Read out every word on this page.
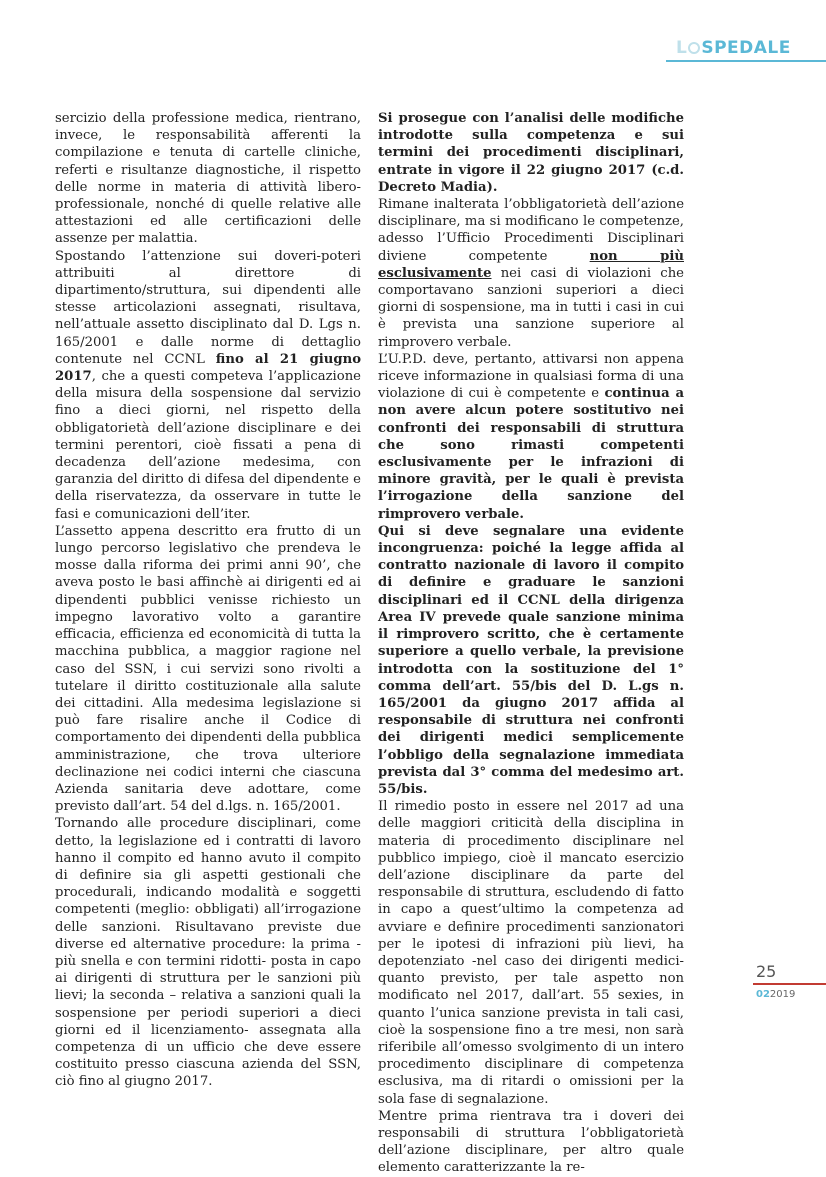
L SPEDALE

sercizio della professione medica, rientrano, invece, le responsabilità afferenti la compilazione e tenuta di cartelle cliniche, referti e risultanze diagnostiche, il rispetto delle norme in materia di attività libero-professionale, nonché di quelle relative alle attestazioni ed alle certificazioni delle assenze per malattia.

Spostando l’attenzione sui doveri-poteri attribuiti al direttore di dipartimento/struttura, sui dipendenti alle stesse articolazioni assegnati, risultava, nell’attuale assetto disciplinato dal D. Lgs n. 165/2001 e dalle norme di dettaglio contenute nel CCNL fino al 21 giugno 2017, che a questi competeva l’applicazione della misura della sospensione dal servizio fino a dieci giorni, nel rispetto della obbligatorietà dell’azione disciplinare e dei termini perentori, cioè fissati a pena di decadenza dell’azione medesima, con garanzia del diritto di difesa del dipendente e della riservatezza, da osservare in tutte le fasi e comunicazioni dell’iter.

L’assetto appena descritto era frutto di un lungo percorso legislativo che prendeva le mosse dalla riforma dei primi anni 90’, che aveva posto le basi affinchè ai dirigenti ed ai dipendenti pubblici venisse richiesto un impegno lavorativo volto a garantire efficacia, efficienza ed economicità di tutta la macchina pubblica, a maggior ragione nel caso del SSN, i cui servizi sono rivolti a tutelare il diritto costituzionale alla salute dei cittadini. Alla medesima legislazione si può fare risalire anche il Codice di comportamento dei dipendenti della pubblica amministrazione, che trova ulteriore declinazione nei codici interni che ciascuna Azienda sanitaria deve adottare, come previsto dall’art. 54 del d.lgs. n. 165/2001.

Tornando alle procedure disciplinari, come detto, la legislazione ed i contratti di lavoro hanno il compito ed hanno avuto il compito di definire sia gli aspetti gestionali che procedurali, indicando modalità e soggetti competenti (meglio: obbligati) all’irrogazione delle sanzioni. Risultavano previste due diverse ed alternative procedure: la prima -più snella e con termini ridotti- posta in capo ai dirigenti di struttura per le sanzioni più lievi; la seconda – relativa a sanzioni quali la sospensione per periodi superiori a dieci giorni ed il licenziamento- assegnata alla competenza di un ufficio che deve essere costituito presso ciascuna azienda del SSN, ciò fino al giugno 2017.

Si prosegue con l’analisi delle modifiche introdotte sulla competenza e sui termini dei procedimenti disciplinari, entrate in vigore il 22 giugno 2017 (c.d. Decreto Madia).

Rimane inalterata l’obbligatorietà dell’azione disciplinare, ma si modificano le competenze, adesso l’Ufficio Procedimenti Disciplinari diviene competente	non più esclusivamente nei casi di violazioni che comportavano sanzioni superiori a dieci giorni di sospensione, ma in tutti i casi in cui è prevista una sanzione superiore al rimprovero verbale.

L’U.P.D. deve, pertanto, attivarsi non appena riceve informazione in qualsiasi forma di una violazione di cui è competente e continua a non avere alcun potere sostitutivo nei confronti dei responsabili di struttura che sono rimasti competenti esclusivamente per le infrazioni di minore gravità, per le quali è prevista l’irrogazione della sanzione del rimprovero verbale.

Qui si deve segnalare una evidente incongruenza: poiché la legge affida al contratto nazionale di lavoro il compito di definire e graduare le sanzioni disciplinari ed il CCNL della dirigenza Area IV prevede quale sanzione minima il rimprovero scritto, che è certamente superiore a quello verbale, la previsione introdotta con la sostituzione del 1° comma dell’art. 55/bis del D. L.gs n. 165/2001 da giugno 2017 affida al responsabile di struttura nei confronti dei dirigenti medici semplicemente l’obbligo della segnalazione immediata prevista dal 3° comma del medesimo art. 55/bis.

Il rimedio posto in essere nel 2017 ad una delle maggiori criticità della disciplina in materia di procedimento disciplinare nel pubblico impiego, cioè il mancato esercizio dell’azione disciplinare da parte del responsabile di struttura, escludendo di fatto in capo a quest’ultimo la competenza ad avviare e definire procedimenti sanzionatori per le ipotesi di infrazioni più lievi, ha depotenziato -nel caso dei dirigenti medici- quanto previsto, per tale aspetto non modificato nel 2017, dall’art. 55 sexies, in quanto l’unica sanzione prevista in tali casi, cioè la sospensione fino a tre mesi, non sarà riferibile all’omesso svolgimento di un intero procedimento disciplinare di competenza esclusiva, ma di ritardi o omissioni per la sola fase di segnalazione.

Mentre prima rientrava tra i doveri dei responsabili di struttura l’obbligatorietà dell’azione disciplinare, per altro quale elemento caratterizzante la re-

25
022019
